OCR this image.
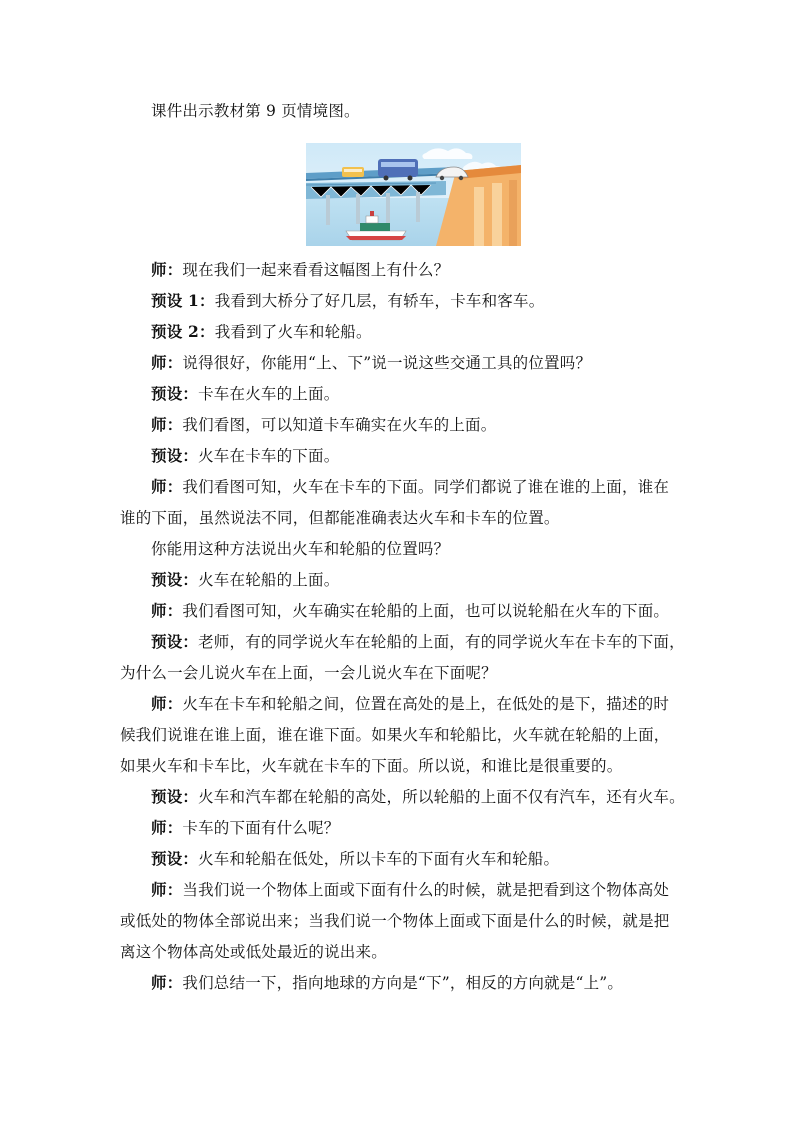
课件出示教材第 9 页情境图。
师：现在我们一起来看看这幅图上有什么？
预设 1：我看到大桥分了好几层，有轿车，卡车和客车。
预设 2：我看到了火车和轮船。
师：说得很好，你能用“上、下”说一说这些交通工具的位置吗？
预设：卡车在火车的上面。
师：我们看图，可以知道卡车确实在火车的上面。
预设：火车在卡车的下面。
师：我们看图可知，火车在卡车的下面。同学们都说了谁在谁的上面，谁在
谁的下面，虽然说法不同，但都能准确表达火车和卡车的位置。
你能用这种方法说出火车和轮船的位置吗？
预设：火车在轮船的上面。
师：我们看图可知，火车确实在轮船的上面，也可以说轮船在火车的下面。
预设：老师，有的同学说火车在轮船的上面，有的同学说火车在卡车的下面，
为什么一会儿说火车在上面，一会儿说火车在下面呢？
师：火车在卡车和轮船之间，位置在高处的是上，在低处的是下，描述的时
候我们说谁在谁上面，谁在谁下面。如果火车和轮船比，火车就在轮船的上面，
如果火车和卡车比，火车就在卡车的下面。所以说，和谁比是很重要的。
预设：火车和汽车都在轮船的高处，所以轮船的上面不仅有汽车，还有火车。
师：卡车的下面有什么呢？
预设：火车和轮船在低处，所以卡车的下面有火车和轮船。
师：当我们说一个物体上面或下面有什么的时候，就是把看到这个物体高处
或低处的物体全部说出来；当我们说一个物体上面或下面是什么的时候，就是把
离这个物体高处或低处最近的说出来。
师：我们总结一下，指向地球的方向是“下”，相反的方向就是“上”。
